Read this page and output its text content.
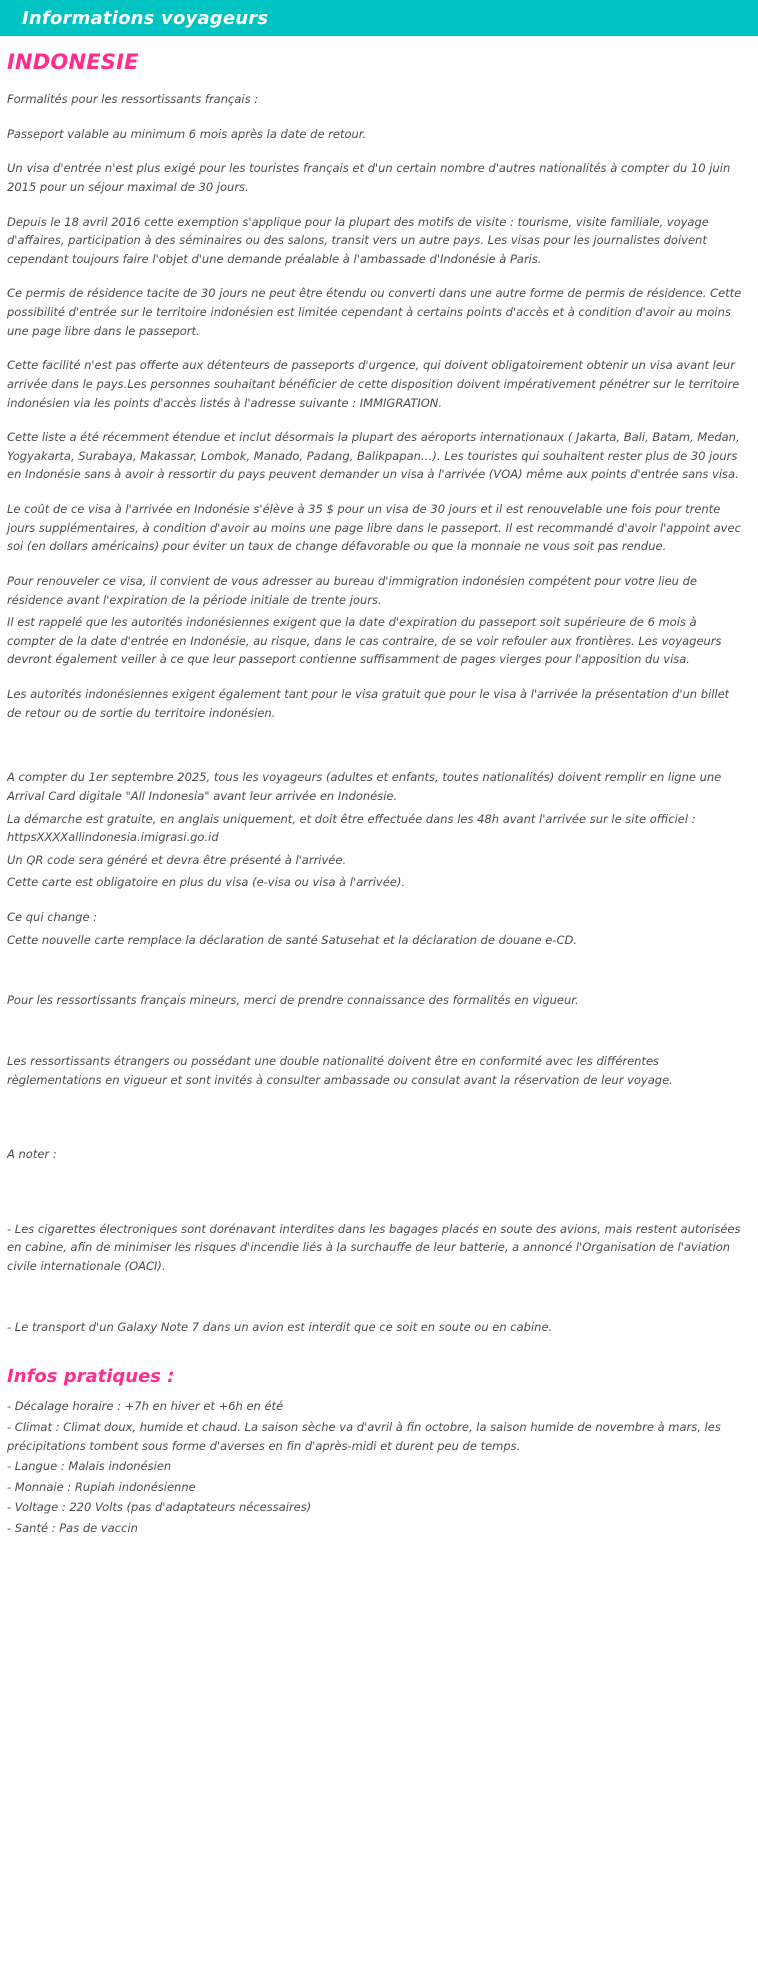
Informations voyageurs
INDONESIE

Formalités pour les ressortissants français :

Passeport valable au minimum 6 mois après la date de retour.

Un visa d'entrée n'est plus exigé pour les touristes français et d'un certain nombre d'autres nationalités à compter du 10 juin 2015 pour un séjour maximal de 30 jours.

Depuis le 18 avril 2016 cette exemption s'applique pour la plupart des motifs de visite : tourisme, visite familiale, voyage d'affaires, participation à des séminaires ou des salons, transit vers un autre pays. Les visas pour les journalistes doivent cependant toujours faire l'objet d'une demande préalable à l'ambassade d'Indonésie à Paris.

Ce permis de résidence tacite de 30 jours ne peut être étendu ou converti dans une autre forme de permis de résidence. Cette possibilité d'entrée sur le territoire indonésien est limitée cependant à certains points d'accès et à condition d'avoir au moins une page libre dans le passeport.

Cette facilité n'est pas offerte aux détenteurs de passeports d'urgence, qui doivent obligatoirement obtenir un visa avant leur arrivée dans le pays.Les personnes souhaitant bénéficier de cette disposition doivent impérativement pénétrer sur le territoire indonésien via les points d'accès listés à l'adresse suivante : IMMIGRATION.

Cette liste a été récemment étendue et inclut désormais la plupart des aéroports internationaux ( Jakarta, Bali, Batam, Medan, Yogyakarta, Surabaya, Makassar, Lombok, Manado, Padang, Balikpapan…). Les touristes qui souhaitent rester plus de 30 jours en Indonésie sans à avoir à ressortir du pays peuvent demander un visa à l'arrivée (VOA) même aux points d'entrée sans visa.

Le coût de ce visa à l'arrivée en Indonésie s'élève à 35 $ pour un visa de 30 jours et il est renouvelable une fois pour trente jours supplémentaires, à condition d'avoir au moins une page libre dans le passeport. Il est recommandé d'avoir l'appoint avec soi (en dollars américains) pour éviter un taux de change défavorable ou que la monnaie ne vous soit pas rendue.

Pour renouveler ce visa, il convient de vous adresser au bureau d'immigration indonésien compétent pour votre lieu de résidence avant l'expiration de la période initiale de trente jours.

Il est rappelé que les autorités indonésiennes exigent que la date d'expiration du passeport soit supérieure de 6 mois à compter de la date d'entrée en Indonésie, au risque, dans le cas contraire, de se voir refouler aux frontières. Les voyageurs devront également veiller à ce que leur passeport contienne suffisamment de pages vierges pour l'apposition du visa.

Les autorités indonésiennes exigent également tant pour le visa gratuit que pour le visa à l'arrivée la présentation d'un billet de retour ou de sortie du territoire indonésien.

A compter du 1er septembre 2025, tous les voyageurs (adultes et enfants, toutes nationalités) doivent remplir en ligne une Arrival Card digitale "All Indonesia" avant leur arrivée en Indonésie.

La démarche est gratuite, en anglais uniquement, et doit être effectuée dans les 48h avant l'arrivée sur le site officiel : httpsXXXXallindonesia.imigrasi.go.id

Un QR code sera généré et devra être présenté à l'arrivée.

Cette carte est obligatoire en plus du visa (e-visa ou visa à l'arrivée).

Ce qui change :

Cette nouvelle carte remplace la déclaration de santé Satusehat et la déclaration de douane e-CD.

Pour les ressortissants français mineurs, merci de prendre connaissance des formalités en vigueur.

Les ressortissants étrangers ou possédant une double nationalité doivent être en conformité avec les différentes règlementations en vigueur et sont invités à consulter ambassade ou consulat avant la réservation de leur voyage.

A noter :

- Les cigarettes électroniques sont dorénavant interdites dans les bagages placés en soute des avions, mais restent autorisées en cabine, afin de minimiser les risques d'incendie liés à la surchauffe de leur batterie, a annoncé l'Organisation de l'aviation civile internationale (OACI).

- Le transport d'un Galaxy Note 7 dans un avion est interdit que ce soit en soute ou en cabine.

Infos pratiques :
- Décalage horaire : +7h en hiver et +6h en été
- Climat : Climat doux, humide et chaud. La saison sèche va d'avril à fin octobre, la saison humide de novembre à mars, les précipitations tombent sous forme d'averses en fin d'après-midi et durent peu de temps.
- Langue : Malais indonésien
- Monnaie : Rupiah indonésienne
- Voltage : 220 Volts (pas d'adaptateurs nécessaires)
- Santé : Pas de vaccin
